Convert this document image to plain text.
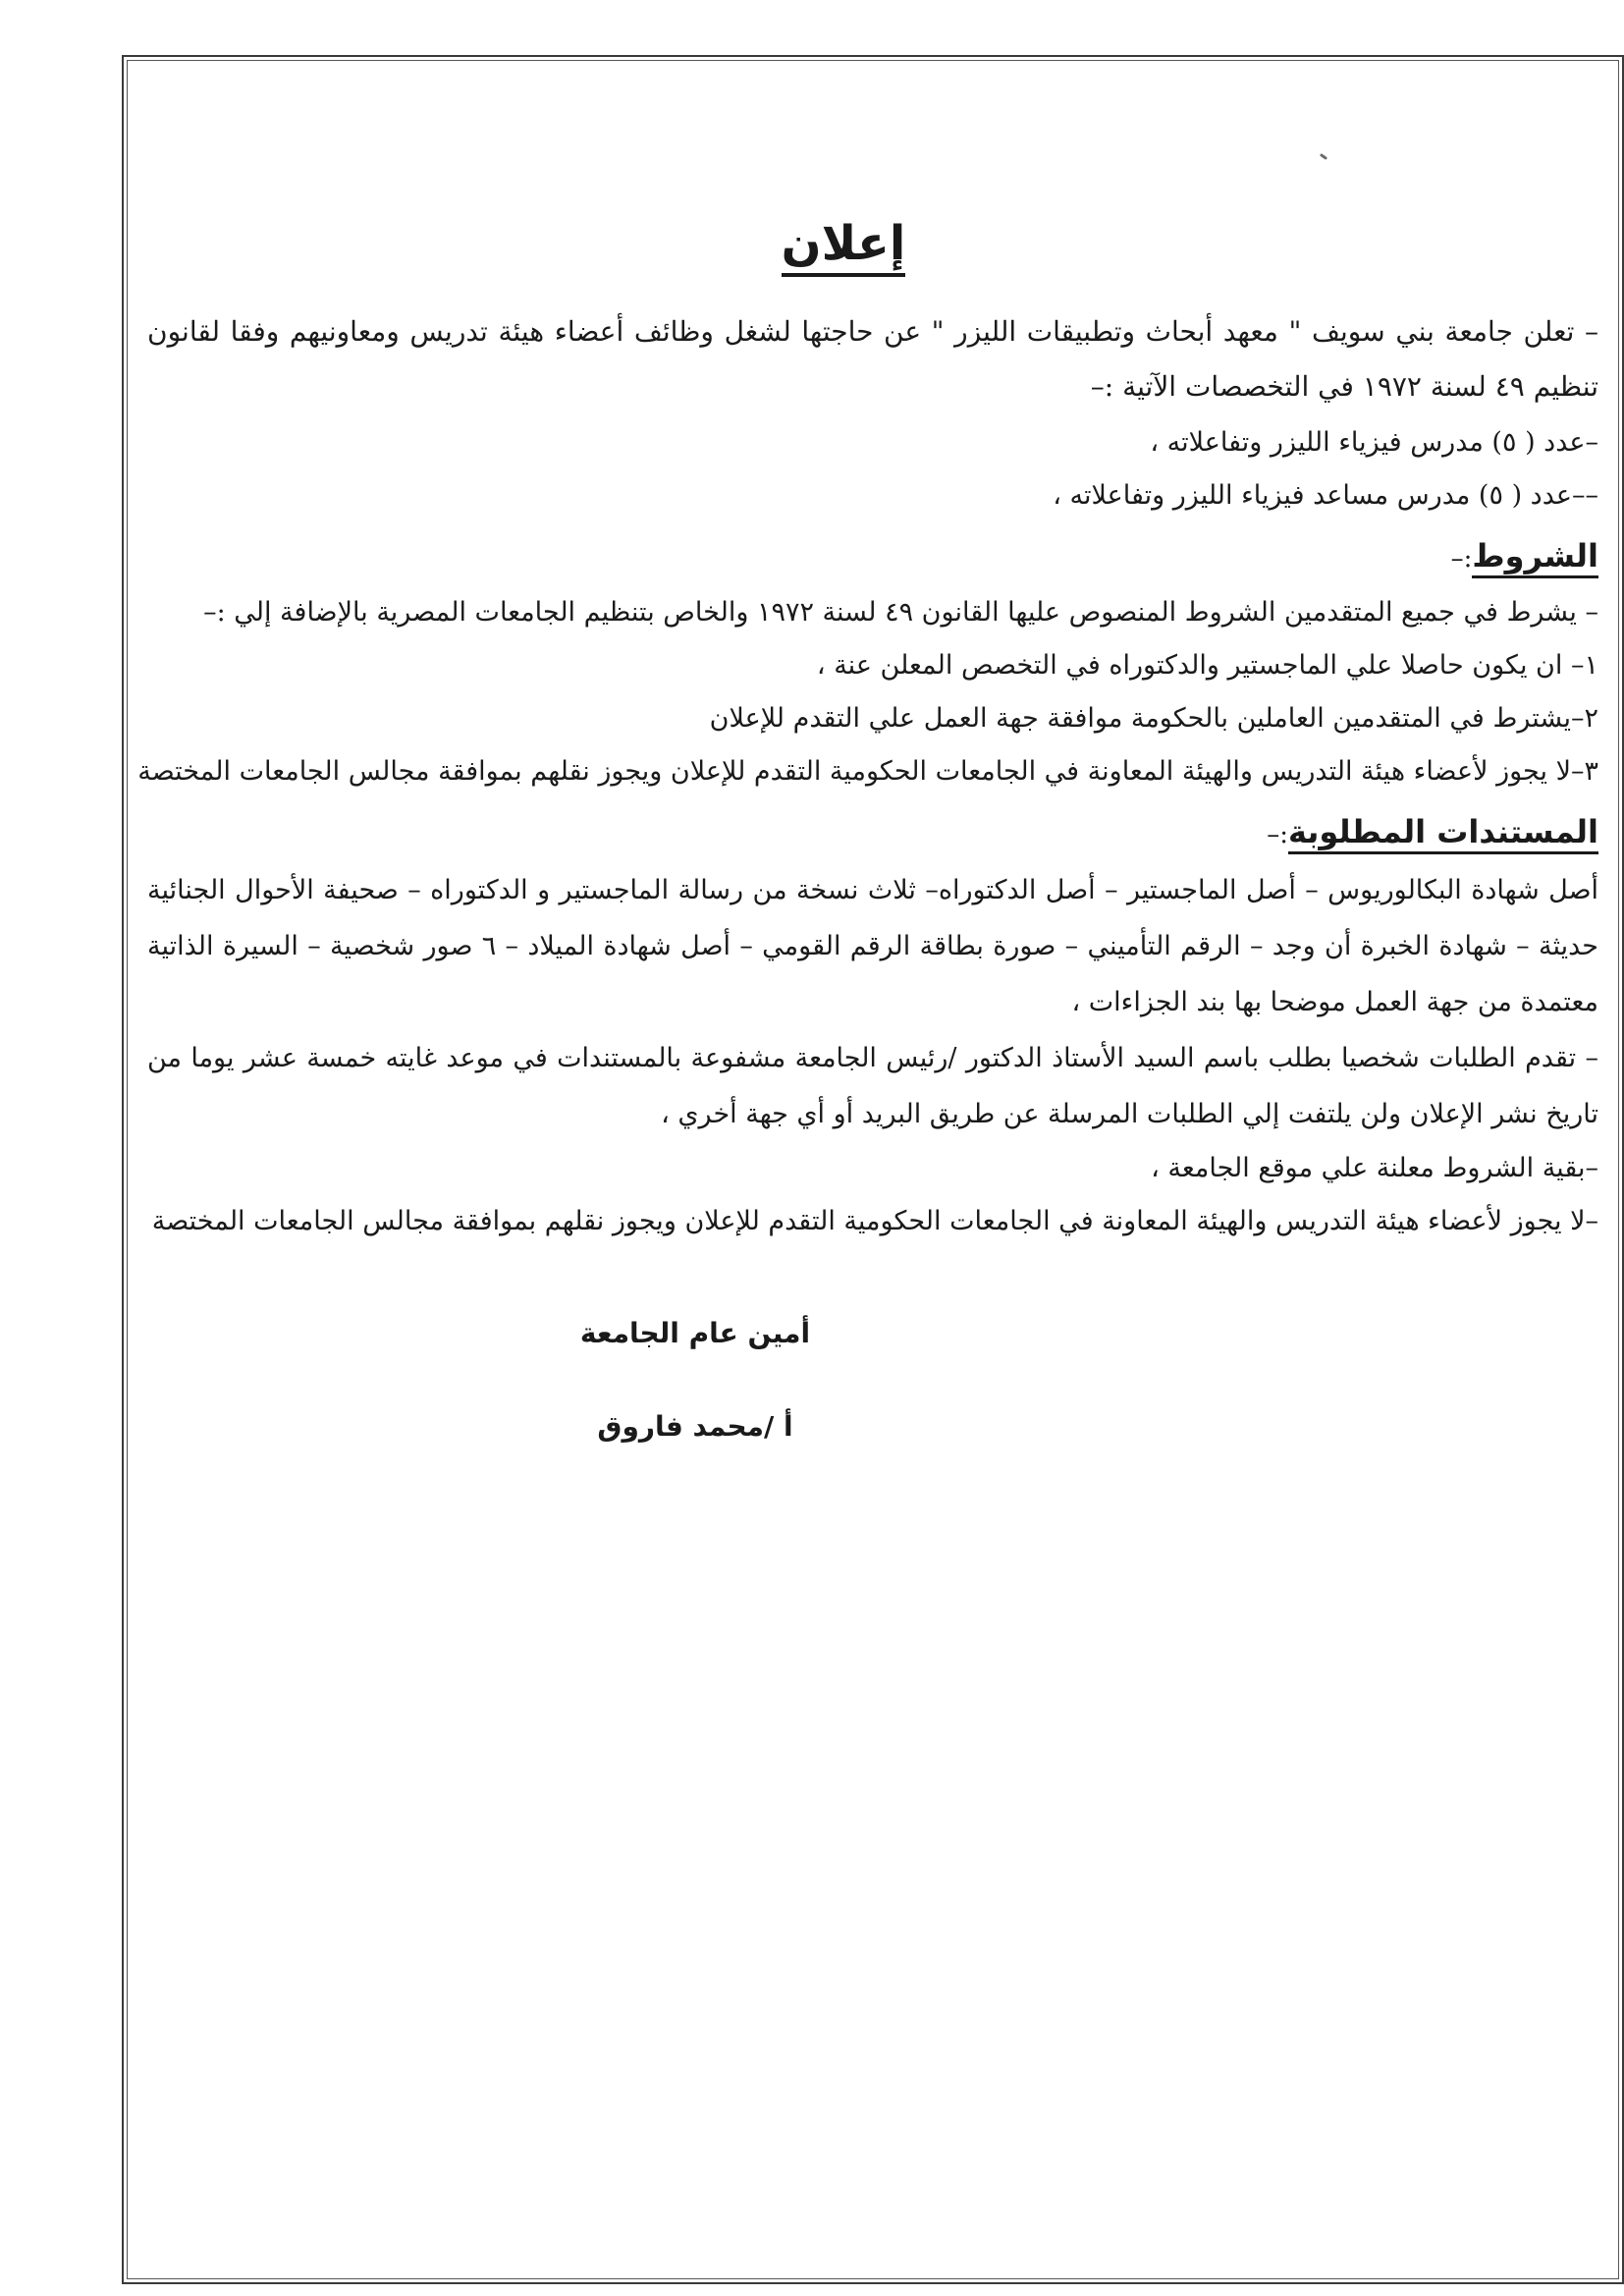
إعلان

– تعلن جامعة بني سويف " معهد أبحاث وتطبيقات الليزر " عن حاجتها لشغل وظائف أعضاء هيئة تدريس ومعاونيهم وفقا لقانون تنظيم ٤٩ لسنة ١٩٧٢ في التخصصات الآتية :–

–عدد ( ٥) مدرس فيزياء الليزر وتفاعلاته ،

––عدد ( ٥) مدرس مساعد فيزياء الليزر وتفاعلاته ،

الشروط:–

– يشرط في جميع المتقدمين الشروط المنصوص عليها القانون ٤٩ لسنة ١٩٧٢ والخاص بتنظيم الجامعات المصرية بالإضافة إلي :–

١– ان يكون حاصلا علي الماجستير والدكتوراه في التخصص المعلن عنة ،

٢–يشترط في المتقدمين العاملين بالحكومة موافقة جهة العمل علي التقدم للإعلان

٣–لا يجوز لأعضاء هيئة التدريس والهيئة المعاونة في الجامعات الحكومية التقدم للإعلان ويجوز نقلهم بموافقة مجالس الجامعات المختصة

المستندات المطلوبة:–

أصل شهادة البكالوريوس – أصل الماجستير – أصل الدكتوراه– ثلاث نسخة من رسالة الماجستير و الدكتوراه – صحيفة الأحوال الجنائية حديثة – شهادة الخبرة أن وجد – الرقم التأميني – صورة بطاقة الرقم القومي – أصل شهادة الميلاد – ٦ صور شخصية – السيرة الذاتية معتمدة من جهة العمل موضحا بها بند الجزاءات ،

– تقدم الطلبات شخصيا بطلب باسم السيد الأستاذ الدكتور /رئيس الجامعة مشفوعة بالمستندات في موعد غايته خمسة عشر يوما من تاريخ نشر الإعلان ولن يلتفت إلي الطلبات المرسلة عن طريق البريد أو أي جهة أخري ،

–بقية الشروط معلنة علي موقع الجامعة ،

–لا يجوز لأعضاء هيئة التدريس والهيئة المعاونة في الجامعات الحكومية التقدم للإعلان ويجوز نقلهم بموافقة مجالس الجامعات المختصة

أمين عام الجامعة

أ /محمد فاروق
